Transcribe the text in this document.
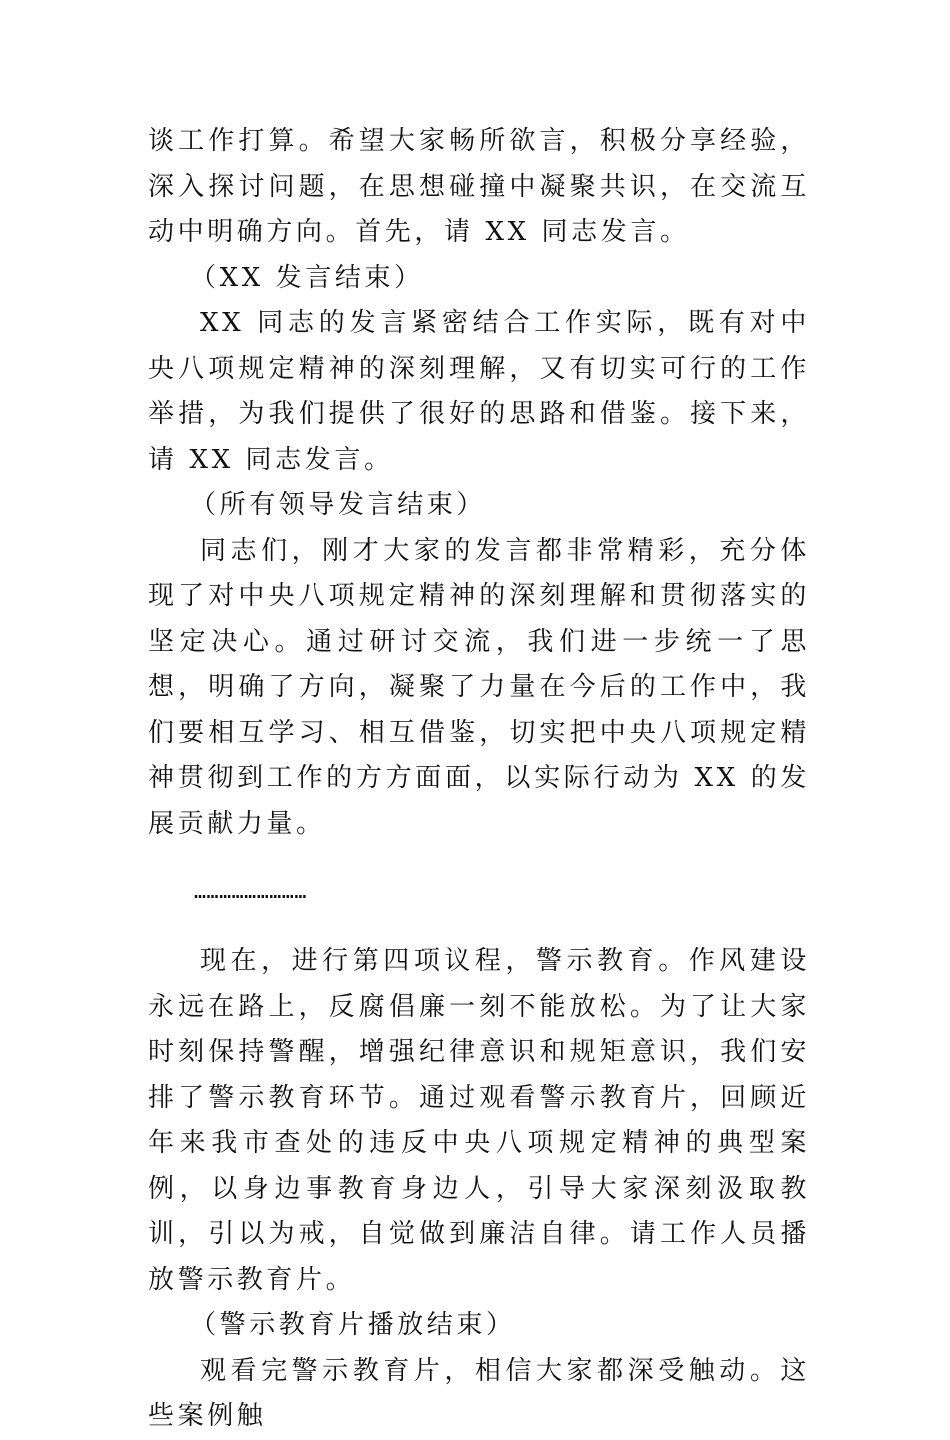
谈工作打算。希望大家畅所欲言，积极分享经验，深入探讨问题，在思想碰撞中凝聚共识，在交流互动中明确方向。首先，请 XX 同志发言。

（XX 发言结束）

XX 同志的发言紧密结合工作实际，既有对中央八项规定精神的深刻理解，又有切实可行的工作举措，为我们提供了很好的思路和借鉴。接下来，请 XX 同志发言。

（所有领导发言结束）

同志们，刚才大家的发言都非常精彩，充分体现了对中央八项规定精神的深刻理解和贯彻落实的坚定决心。通过研讨交流，我们进一步统一了思想，明确了方向，凝聚了力量在今后的工作中，我们要相互学习、相互借鉴，切实把中央八项规定精神贯彻到工作的方方面面，以实际行动为 XX 的发展贡献力量。

………………………

现在，进行第四项议程，警示教育。作风建设永远在路上，反腐倡廉一刻不能放松。为了让大家时刻保持警醒，增强纪律意识和规矩意识，我们安排了警示教育环节。通过观看警示教育片，回顾近年来我市查处的违反中央八项规定精神的典型案例，以身边事教育身边人，引导大家深刻汲取教训，引以为戒，自觉做到廉洁自律。请工作人员播放警示教育片。

（警示教育片播放结束）

观看完警示教育片，相信大家都深受触动。这些案例触
